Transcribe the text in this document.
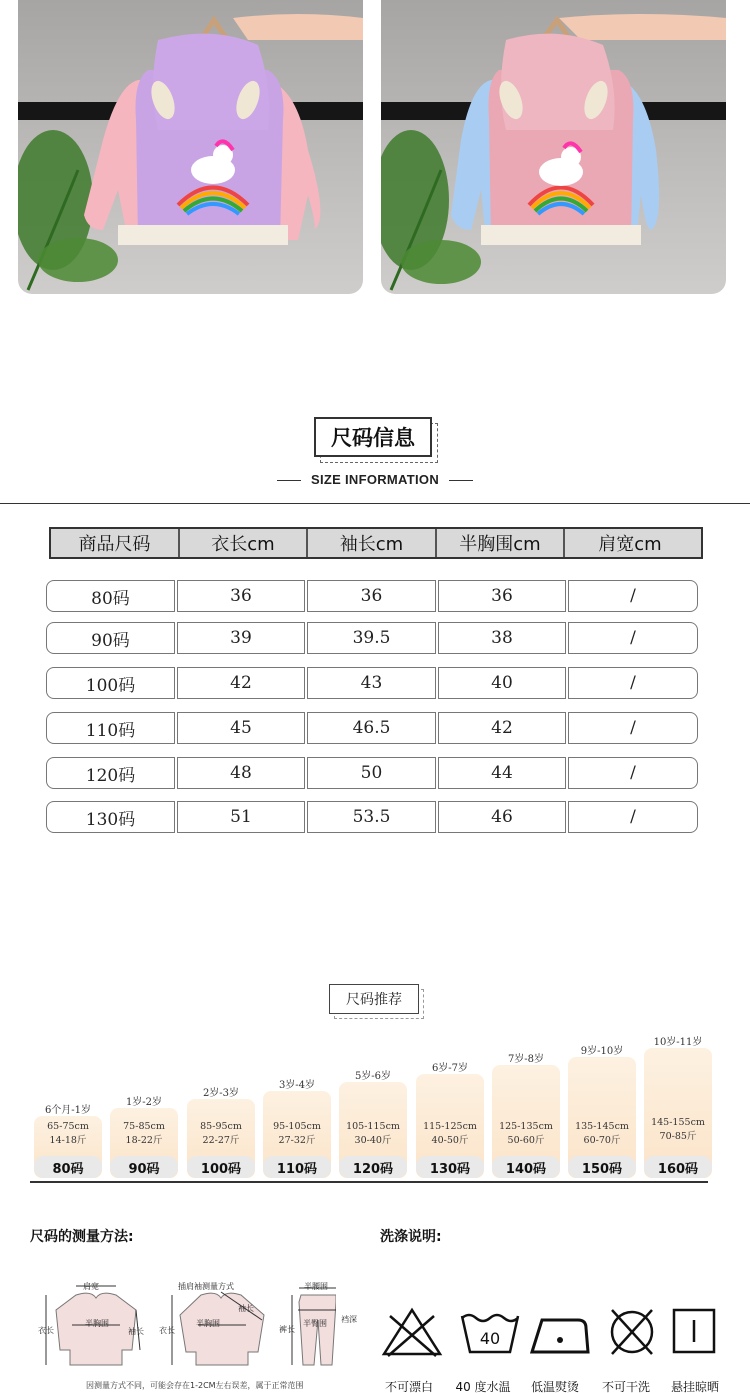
尺码信息
SIZE INFORMATION
商品尺码	衣长cm	袖长cm	半胸围cm	肩宽cm
80码	36	36	36	/
90码	39	39.5	38	/
100码	42	43	40	/
110码	45	46.5	42	/
120码	48	50	44	/
130码	51	53.5	46	/
尺码推荐
6个月-1岁
65-75cm
14-18斤
80码
1岁-2岁
75-85cm
18-22斤
90码
2岁-3岁
85-95cm
22-27斤
100码
3岁-4岁
95-105cm
27-32斤
110码
5岁-6岁
105-115cm
30-40斤
120码
6岁-7岁
115-125cm
40-50斤
130码
7岁-8岁
125-135cm
50-60斤
140码
9岁-10岁
135-145cm
60-70斤
150码
10岁-11岁
145-155cm
70-85斤
160码
尺码的测量方法:	洗涤说明:
肩宽
衣长
半胸围
袖长
插肩袖测量方式
衣长
半胸围
袖长
半腰围
裆深
裤长
半臀围
因测量方式不同，可能会存在1-2CM左右误差，属于正常范围
40
不可漂白	40 度水温	低温熨烫	不可干洗	悬挂晾晒
